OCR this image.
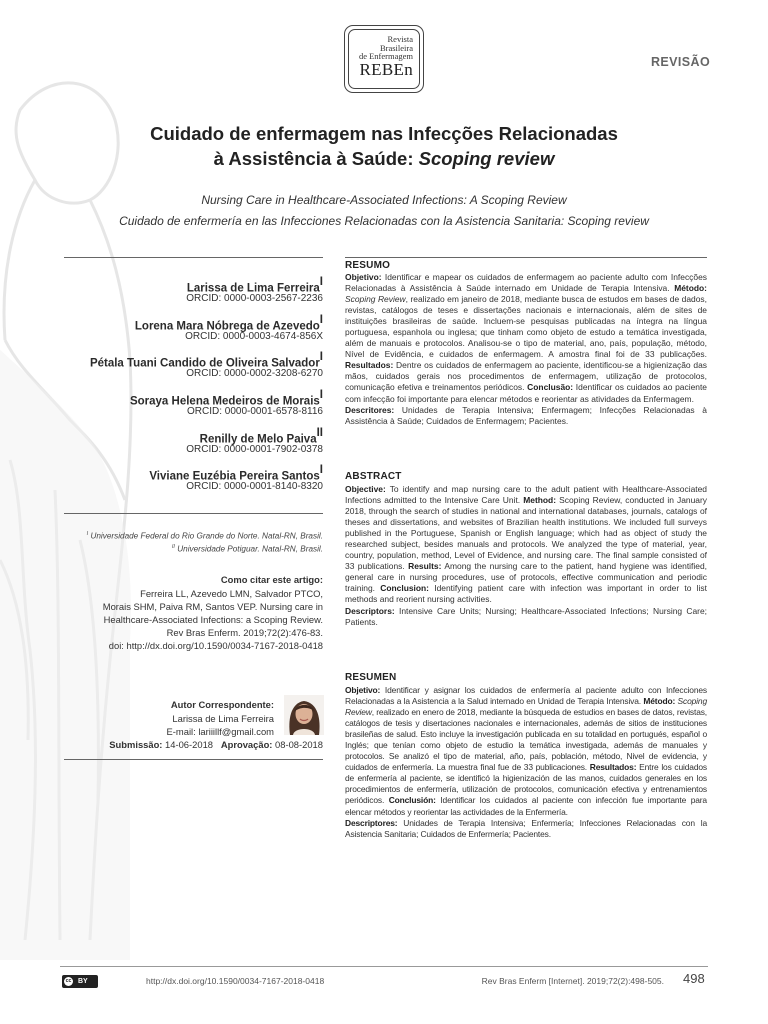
Revista
Brasileira
de Enfermagem
REBEn	REVISÃO
Cuidado de enfermagem nas Infecções Relacionadas
à Assistência à Saúde: Scoping review
Nursing Care in Healthcare-Associated Infections: A Scoping Review
Cuidado de enfermería en las Infecciones Relacionadas con la Asistencia Sanitaria: Scoping review
Larissa de Lima Ferreira$^I$
ORCID: 0000-0003-2567-2236
Lorena Mara Nóbrega de Azevedo$^I$
ORCID: 0000-0003-4674-856X
Pétala Tuani Candido de Oliveira Salvador$^I$
ORCID: 0000-0002-3208-6270
Soraya Helena Medeiros de Morais$^I$
ORCID: 0000-0001-6578-8116
Renilly de Melo Paiva$^{II}$
ORCID: 0000-0001-7902-0378
Viviane Euzébia Pereira Santos$^I$
ORCID: 0000-0001-8140-8320
$^I$ Universidade Federal do Rio Grande do Norte. Natal-RN, Brasil.
$^{II}$ Universidade Potiguar. Natal-RN, Brasil.
Como citar este artigo:
Ferreira LL, Azevedo LMN, Salvador PTCO,
Morais SHM, Paiva RM, Santos VEP. Nursing care in
Healthcare-Associated Infections: a Scoping Review.
Rev Bras Enferm. 2019;72(2):476-83.
doi: http://dx.doi.org/10.1590/0034-7167-2018-0418
Autor Correspondente:
Larissa de Lima Ferreira
E-mail: lariiillf@gmail.com
Submissão: 14-06-2018 Aprovação: 08-08-2018
RESUMO

Objetivo: Identificar e mapear os cuidados de enfermagem ao paciente adulto com Infecções Relacionadas à Assistência à Saúde internado em Unidade de Terapia Intensiva. Método: Scoping Review, realizado em janeiro de 2018, mediante busca de estudos em bases de dados, revistas, catálogos de teses e dissertações nacionais e internacionais, além de sites de instituições brasileiras de saúde. Incluem-se pesquisas publicadas na íntegra na língua portuguesa, espanhola ou inglesa; que tinham como objeto de estudo a temática investigada, além de manuais e protocolos. Analisou-se o tipo de material, ano, país, população, método, Nível de Evidência, e cuidados de enfermagem. A amostra final foi de 33 publicações. Resultados: Dentre os cuidados de enfermagem ao paciente, identificou-se a higienização das mãos, cuidados gerais nos procedimentos de enfermagem, utilização de protocolos, comunicação efetiva e treinamentos periódicos. Conclusão: Identificar os cuidados ao paciente com infecção foi importante para elencar métodos e reorientar as atividades da Enfermagem.
Descritores: Unidades de Terapia Intensiva; Enfermagem; Infecções Relacionadas à Assistência à Saúde; Cuidados de Enfermagem; Pacientes.

ABSTRACT

Objective: To identify and map nursing care to the adult patient with Healthcare-Associated Infections admitted to the Intensive Care Unit. Method: Scoping Review, conducted in January 2018, through the search of studies in national and international databases, journals, catalogs of theses and dissertations, and websites of Brazilian health institutions. We included full surveys published in the Portuguese, Spanish or English language; which had as object of study the researched subject, besides manuals and protocols. We analyzed the type of material, year, country, population, method, Level of Evidence, and nursing care. The final sample consisted of 33 publications. Results: Among the nursing care to the patient, hand hygiene was identified, general care in nursing procedures, use of protocols, effective communication and periodic training. Conclusion: Identifying patient care with infection was important in order to list methods and reorient nursing activities.
Descriptors: Intensive Care Units; Nursing; Healthcare-Associated Infections; Nursing Care; Patients.

RESUMEN

Objetivo: Identificar y asignar los cuidados de enfermería al paciente adulto con Infecciones Relacionadas a la Asistencia a la Salud internado en Unidad de Terapia Intensiva. Método: Scoping Review, realizado en enero de 2018, mediante la búsqueda de estudios en bases de datos, revistas, catálogos de tesis y disertaciones nacionales e internacionales, además de sitios de instituciones brasileñas de salud. Esto incluye la investigación publicada en su totalidad en portugués, español o Inglés; que tenían como objeto de estudio la temática investigada, además de manuales y protocolos. Se analizó el tipo de material, año, país, población, método, Nivel de evidencia, y cuidados de enfermería. La muestra final fue de 33 publicaciones. Resultados: Entre los cuidados de enfermería al paciente, se identificó la higienización de las manos, cuidados generales en los procedimientos de enfermería, utilización de protocolos, comunicación efectiva y entrenamientos periódicos. Conclusión: Identificar los cuidados al paciente con infección fue importante para elencar métodos y reorientar las actividades de la Enfermería.
Descriptores: Unidades de Terapia Intensiva; Enfermería; Infecciones Relacionadas con la Asistencia Sanitaria; Cuidados de Enfermería; Pacientes.

cc BY	http://dx.doi.org/10.1590/0034-7167-2018-0418	Rev Bras Enferm [Internet]. 2019;72(2):498-505. 498
